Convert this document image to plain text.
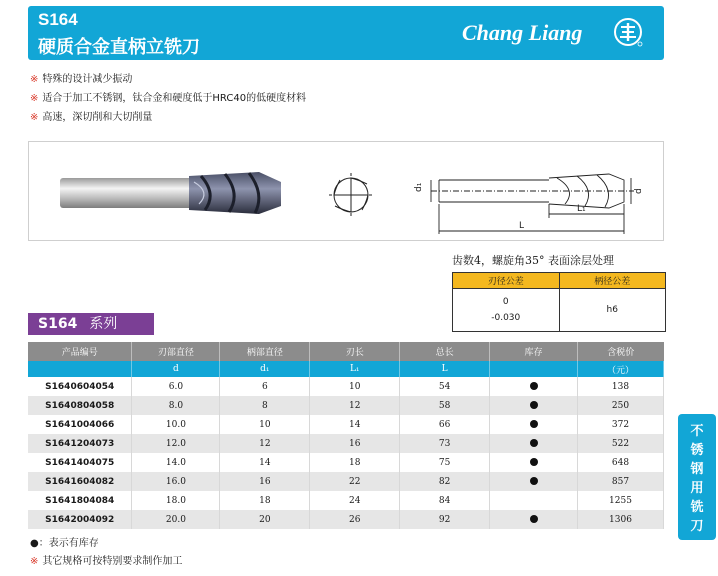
S164
硬质合金直柄立铣刀
Chang Liang
※ 特殊的设计减少振动
※ 适合于加工不锈钢，钛合金和硬度低于HRC40的低硬度材料
※ 高速，深切削和大切削量
d₁	d
L₁
L
齿数4，螺旋角35° 表面涂层处理
刃径公差	柄径公差

0
-0.030	h6
S164 系列
产品编号	刃部直径	柄部直径	刃长	总长	库存	含税价
	d	d₁	L₁	L		（元）
S1640604054	6.0	6	10	54		138
S1640804058	8.0	8	12	58		250
S1641004066	10.0	10	14	66		372
S1641204073	12.0	12	16	73		522
S1641404075	14.0	14	18	75		648
S1641604082	16.0	16	22	82		857
S1641804084	18.0	18	24	84		1255
S1642004092	20.0	20	26	92		1306
●：表示有库存
※ 其它规格可按特别要求制作加工
不
锈
钢
用
铣
刀
